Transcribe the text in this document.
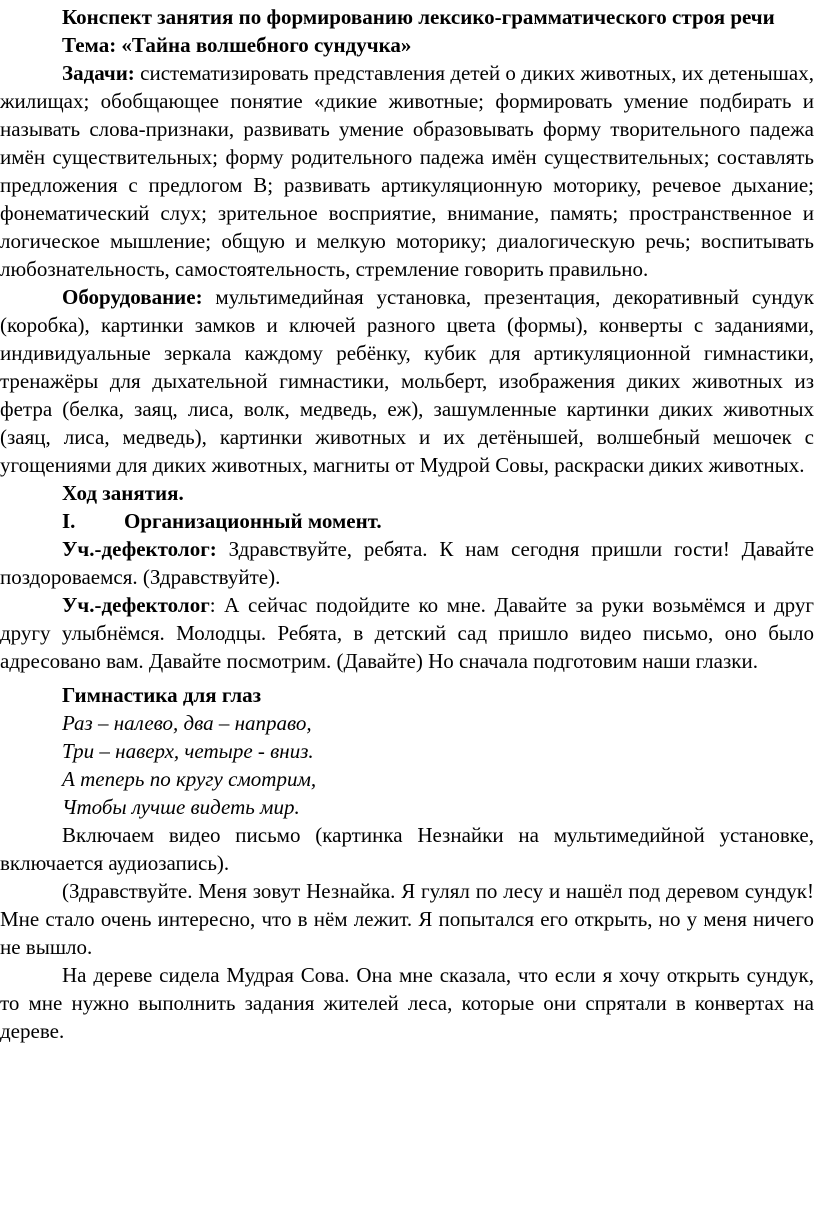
Конспект занятия по формированию лексико-грамматического строя речи

Тема: «Тайна волшебного сундучка»

Задачи: систематизировать представления детей о диких животных, их детенышах, жилищах; обобщающее понятие «дикие животные; формировать умение подбирать и называть слова-признаки, развивать умение образовывать форму творительного падежа имён существительных; форму родительного падежа имён существительных; составлять предложения с предлогом В; развивать артикуляционную моторику, речевое дыхание; фонематический слух; зрительное восприятие, внимание, память; пространственное и логическое мышление; общую и мелкую моторику; диалогическую речь; воспитывать любознательность, самостоятельность, стремление говорить правильно.

Оборудование: мультимедийная установка, презентация, декоративный сундук (коробка), картинки замков и ключей разного цвета (формы), конверты с заданиями, индивидуальные зеркала каждому ребёнку, кубик для артикуляционной гимнастики, тренажёры для дыхательной гимнастики, мольберт, изображения диких животных из фетра (белка, заяц, лиса, волк, медведь, еж), зашумленные картинки диких животных (заяц, лиса, медведь), картинки животных и их детёнышей, волшебный мешочек с угощениями для диких животных, магниты от Мудрой Совы, раскраски диких животных.

Ход занятия.

I.	Организационный момент.

Уч.-дефектолог: Здравствуйте, ребята. К нам сегодня пришли гости! Давайте поздороваемся. (Здравствуйте).

Уч.-дефектолог: А сейчас подойдите ко мне. Давайте за руки возьмёмся и друг другу улыбнёмся. Молодцы. Ребята, в детский сад пришло видео письмо, оно было адресовано вам. Давайте посмотрим. (Давайте) Но сначала подготовим наши глазки.

Гимнастика для глаз

Раз – налево, два – направо,

Три – наверх, четыре - вниз.

А теперь по кругу смотрим,

Чтобы лучше видеть мир.

Включаем видео письмо (картинка Незнайки на мультимедийной установке, включается аудиозапись).

(Здравствуйте. Меня зовут Незнайка. Я гулял по лесу и нашёл под деревом сундук! Мне стало очень интересно, что в нём лежит. Я попытался его открыть, но у меня ничего не вышло.

На дереве сидела Мудрая Сова. Она мне сказала, что если я хочу открыть сундук, то мне нужно выполнить задания жителей леса, которые они спрятали в конвертах на дереве.
